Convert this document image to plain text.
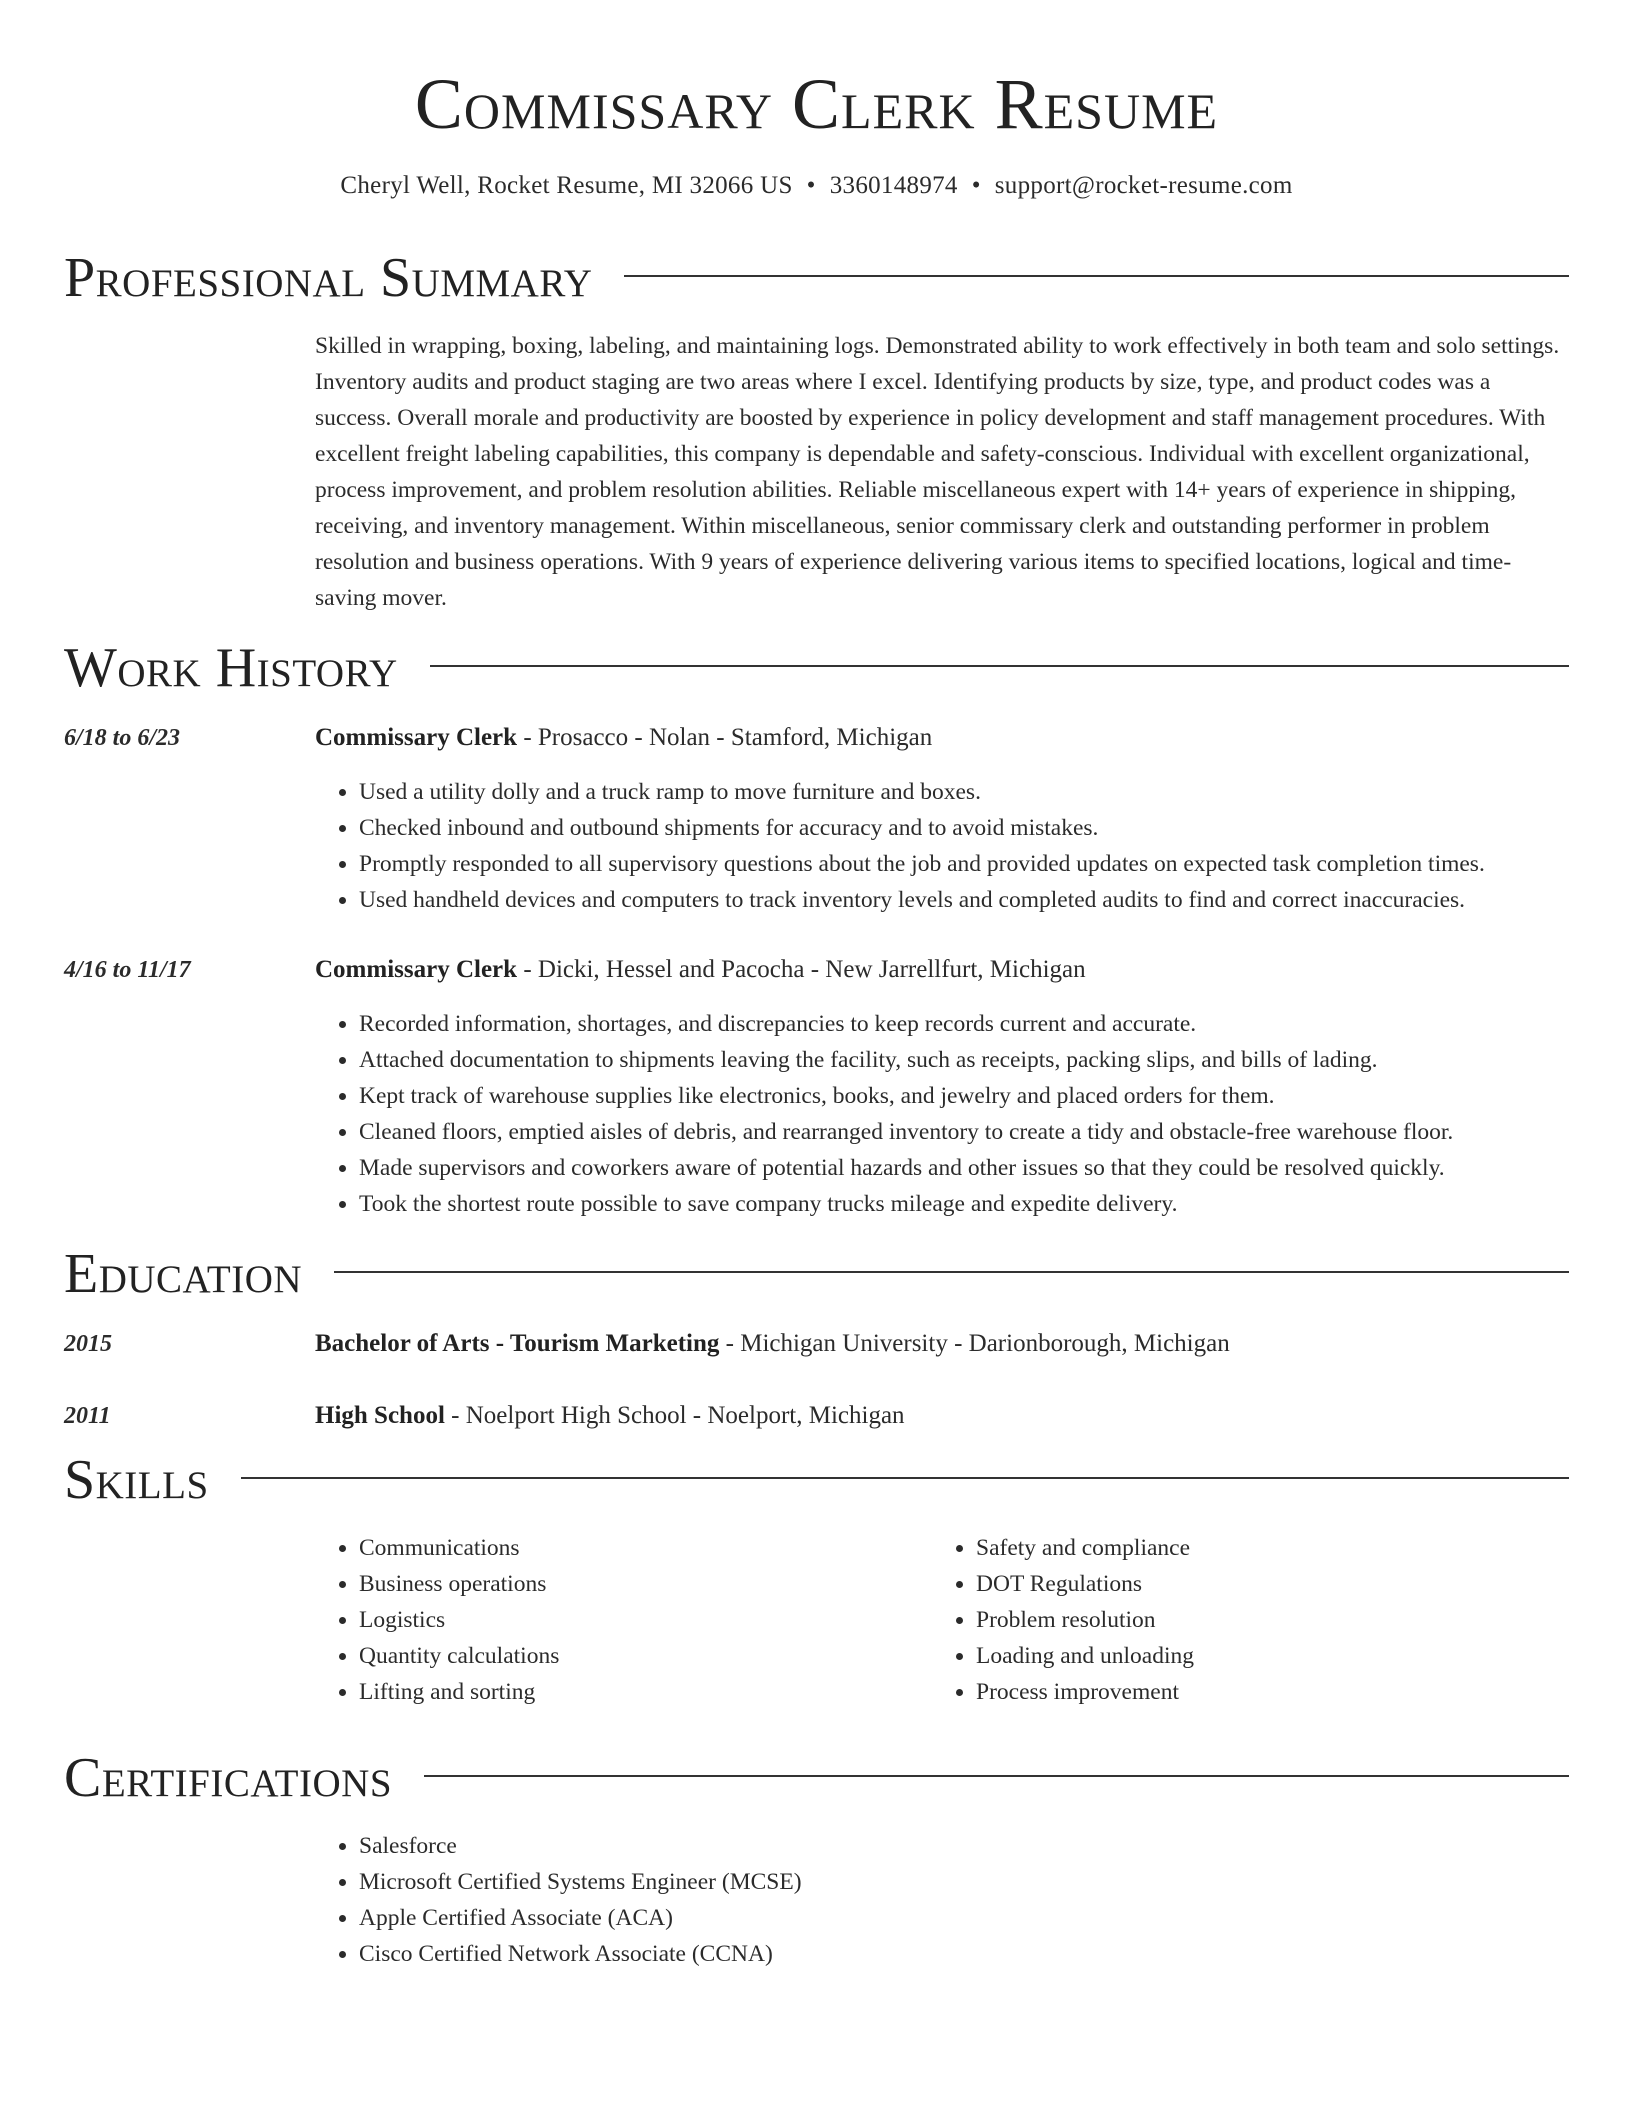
Commissary Clerk Resume
Cheryl Well, Rocket Resume, MI 32066 US • 3360148974 • support@rocket-resume.com
Professional Summary
Skilled in wrapping, boxing, labeling, and maintaining logs. Demonstrated ability to work effectively in both team and solo settings. Inventory audits and product staging are two areas where I excel. Identifying products by size, type, and product codes was a success. Overall morale and productivity are boosted by experience in policy development and staff management procedures. With excellent freight labeling capabilities, this company is dependable and safety-conscious. Individual with excellent organizational, process improvement, and problem resolution abilities. Reliable miscellaneous expert with 14+ years of experience in shipping, receiving, and inventory management. Within miscellaneous, senior commissary clerk and outstanding performer in problem resolution and business operations. With 9 years of experience delivering various items to specified locations, logical and time-saving mover.
Work History
6/18 to 6/23	Commissary Clerk - Prosacco - Nolan - Stamford, Michigan
• Used a utility dolly and a truck ramp to move furniture and boxes.
• Checked inbound and outbound shipments for accuracy and to avoid mistakes.
• Promptly responded to all supervisory questions about the job and provided updates on expected task completion times.
• Used handheld devices and computers to track inventory levels and completed audits to find and correct inaccuracies.
4/16 to 11/17	Commissary Clerk - Dicki, Hessel and Pacocha - New Jarrellfurt, Michigan
• Recorded information, shortages, and discrepancies to keep records current and accurate.
• Attached documentation to shipments leaving the facility, such as receipts, packing slips, and bills of lading.
• Kept track of warehouse supplies like electronics, books, and jewelry and placed orders for them.
• Cleaned floors, emptied aisles of debris, and rearranged inventory to create a tidy and obstacle-free warehouse floor.
• Made supervisors and coworkers aware of potential hazards and other issues so that they could be resolved quickly.
• Took the shortest route possible to save company trucks mileage and expedite delivery.
Education
2015	Bachelor of Arts - Tourism Marketing - Michigan University - Darionborough, Michigan
2011	High School - Noelport High School - Noelport, Michigan
Skills
• Communications
• Business operations
• Logistics
• Quantity calculations
• Lifting and sorting
• Safety and compliance
• DOT Regulations
• Problem resolution
• Loading and unloading
• Process improvement
Certifications
• Salesforce
• Microsoft Certified Systems Engineer (MCSE)
• Apple Certified Associate (ACA)
• Cisco Certified Network Associate (CCNA)
